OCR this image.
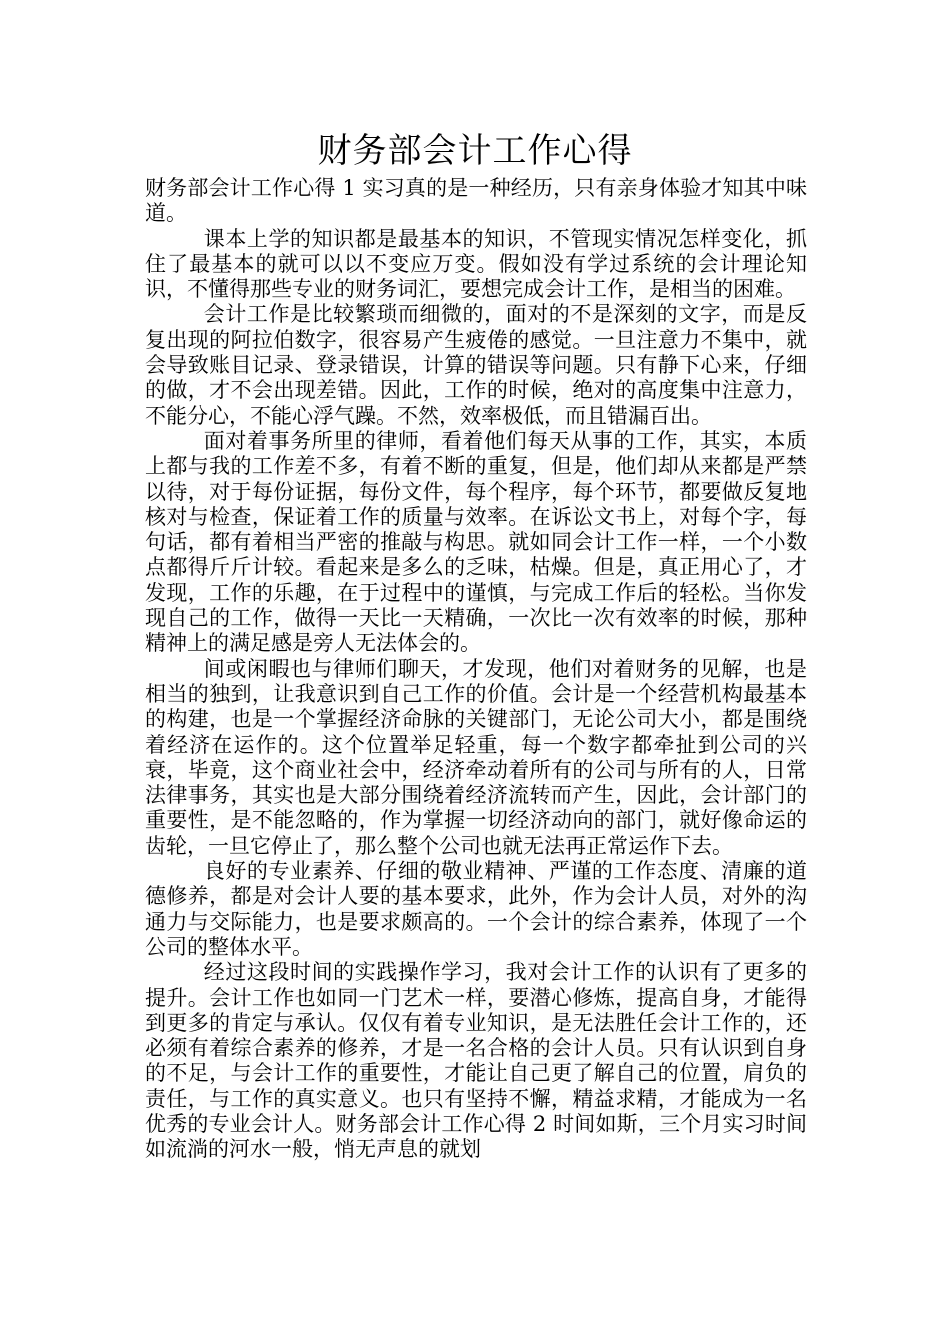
财务部会计工作心得

财务部会计工作心得 1 实习真的是一种经历，只有亲身体验才知其中味道。

课本上学的知识都是最基本的知识，不管现实情况怎样变化，抓住了最基本的就可以以不变应万变。假如没有学过系统的会计理论知识，不懂得那些专业的财务词汇，要想完成会计工作，是相当的困难。

会计工作是比较繁琐而细微的，面对的不是深刻的文字，而是反复出现的阿拉伯数字，很容易产生疲倦的感觉。一旦注意力不集中，就会导致账目记录、登录错误，计算的错误等问题。只有静下心来，仔细的做，才不会出现差错。因此，工作的时候，绝对的高度集中注意力，不能分心，不能心浮气躁。不然，效率极低，而且错漏百出。

面对着事务所里的律师，看着他们每天从事的工作，其实，本质上都与我的工作差不多，有着不断的重复，但是，他们却从来都是严禁以待，对于每份证据，每份文件，每个程序，每个环节，都要做反复地核对与检查，保证着工作的质量与效率。在诉讼文书上，对每个字，每句话，都有着相当严密的推敲与构思。就如同会计工作一样，一个小数点都得斤斤计较。看起来是多么的乏味，枯燥。但是，真正用心了，才发现，工作的乐趣，在于过程中的谨慎，与完成工作后的轻松。当你发现自己的工作，做得一天比一天精确，一次比一次有效率的时候，那种精神上的满足感是旁人无法体会的。

间或闲暇也与律师们聊天，才发现，他们对着财务的见解，也是相当的独到，让我意识到自己工作的价值。会计是一个经营机构最基本的构建，也是一个掌握经济命脉的关键部门，无论公司大小，都是围绕着经济在运作的。这个位置举足轻重，每一个数字都牵扯到公司的兴衰，毕竟，这个商业社会中，经济牵动着所有的公司与所有的人，日常法律事务，其实也是大部分围绕着经济流转而产生，因此，会计部门的重要性，是不能忽略的，作为掌握一切经济动向的部门，就好像命运的齿轮，一旦它停止了，那么整个公司也就无法再正常运作下去。

良好的专业素养、仔细的敬业精神、严谨的工作态度、清廉的道德修养，都是对会计人要的基本要求，此外，作为会计人员，对外的沟通力与交际能力，也是要求颇高的。一个会计的综合素养，体现了一个公司的整体水平。

经过这段时间的实践操作学习，我对会计工作的认识有了更多的提升。会计工作也如同一门艺术一样，要潜心修炼，提高自身，才能得到更多的肯定与承认。仅仅有着专业知识，是无法胜任会计工作的，还必须有着综合素养的修养，才是一名合格的会计人员。只有认识到自身的不足，与会计工作的重要性，才能让自己更了解自己的位置，肩负的责任，与工作的真实意义。也只有坚持不懈，精益求精，才能成为一名优秀的专业会计人。财务部会计工作心得 2 时间如斯，三个月实习时间如流淌的河水一般，悄无声息的就划
